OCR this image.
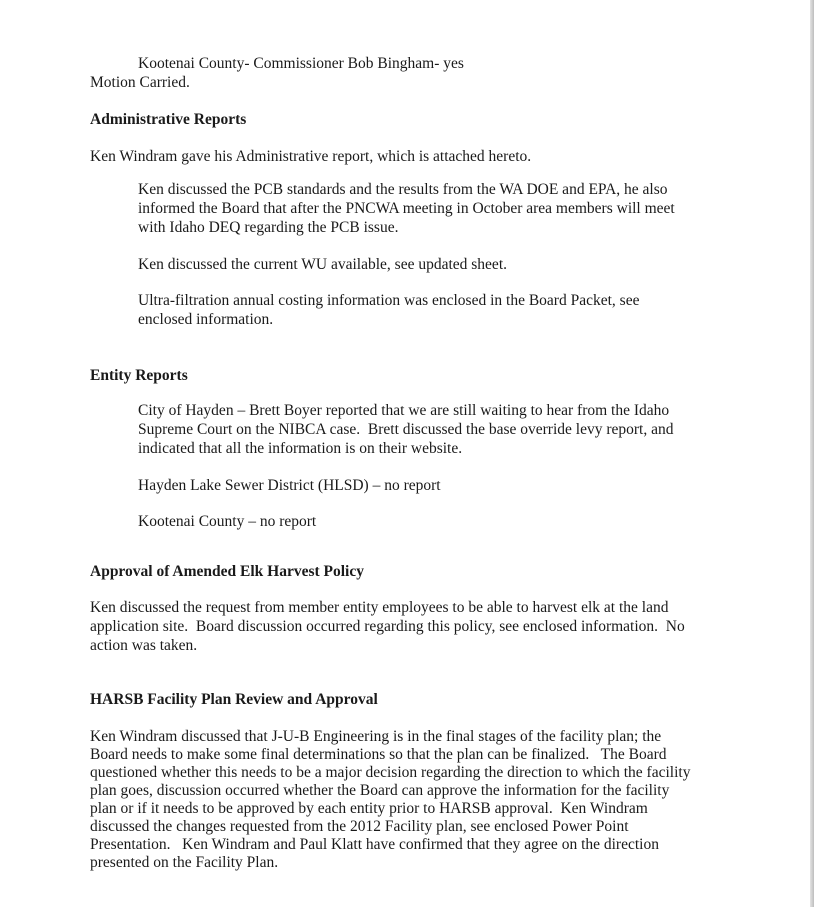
Kootenai County- Commissioner Bob Bingham- yes

Motion Carried.

Administrative Reports

Ken Windram gave his Administrative report, which is attached hereto.

Ken discussed the PCB standards and the results from the WA DOE and EPA, he also

informed the Board that after the PNCWA meeting in October area members will meet

with Idaho DEQ regarding the PCB issue.

Ken discussed the current WU available, see updated sheet.

Ultra-filtration annual costing information was enclosed in the Board Packet, see

enclosed information.

Entity Reports

City of Hayden – Brett Boyer reported that we are still waiting to hear from the Idaho

Supreme Court on the NIBCA case.  Brett discussed the base override levy report, and

indicated that all the information is on their website.

Hayden Lake Sewer District (HLSD) – no report

Kootenai County – no report

Approval of Amended Elk Harvest Policy

Ken discussed the request from member entity employees to be able to harvest elk at the land

application site.  Board discussion occurred regarding this policy, see enclosed information.  No

action was taken.

HARSB Facility Plan Review and Approval

Ken Windram discussed that J-U-B Engineering is in the final stages of the facility plan; the

Board needs to make some final determinations so that the plan can be finalized.   The Board

questioned whether this needs to be a major decision regarding the direction to which the facility

plan goes, discussion occurred whether the Board can approve the information for the facility

plan or if it needs to be approved by each entity prior to HARSB approval.  Ken Windram

discussed the changes requested from the 2012 Facility plan, see enclosed Power Point

Presentation.   Ken Windram and Paul Klatt have confirmed that they agree on the direction

presented on the Facility Plan.
